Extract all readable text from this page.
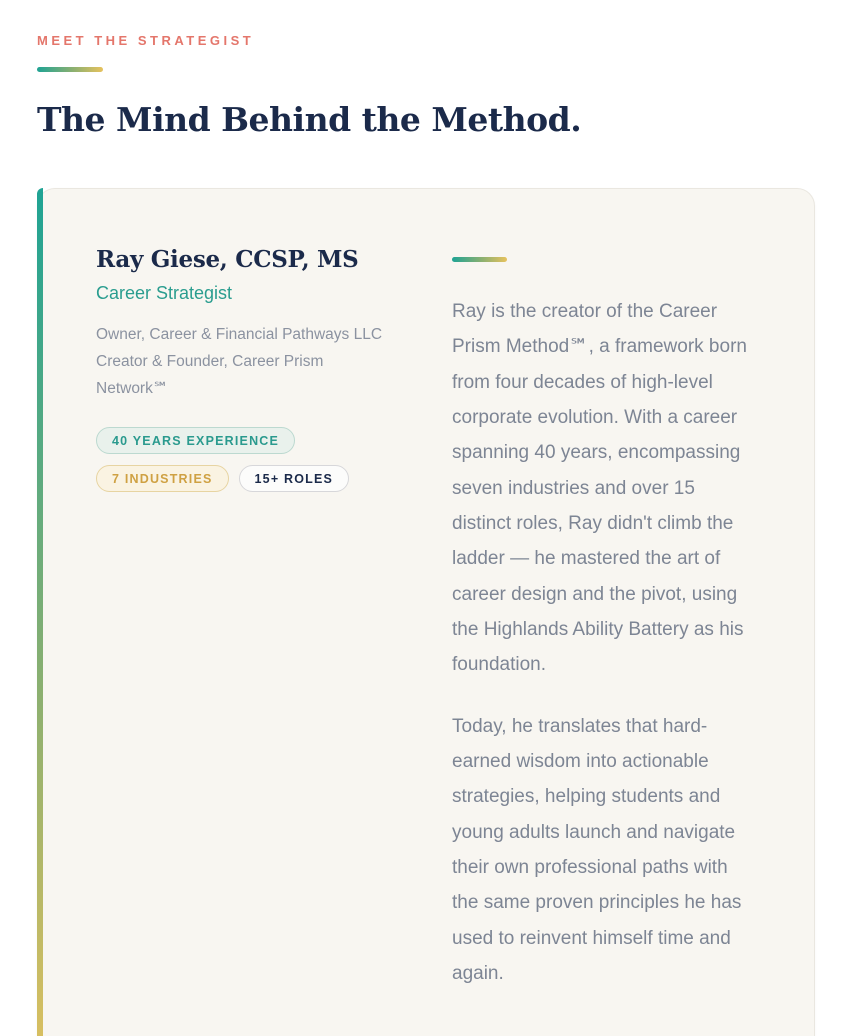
MEET THE STRATEGIST
The Mind Behind the Method.
Ray Giese, CCSP, MS
Career Strategist
Owner, Career & Financial Pathways LLC
Creator & Founder, Career Prism Network℠
40 YEARS EXPERIENCE
7 INDUSTRIES	15+ ROLES

Ray is the creator of the Career Prism Method℠, a framework born from four decades of high-level corporate evolution. With a career spanning 40 years, encompassing seven industries and over 15 distinct roles, Ray didn't climb the ladder — he mastered the art of career design and the pivot, using the Highlands Ability Battery as his foundation.

Today, he translates that hard-earned wisdom into actionable strategies, helping students and young adults launch and navigate their own professional paths with the same proven principles he has used to reinvent himself time and again.
